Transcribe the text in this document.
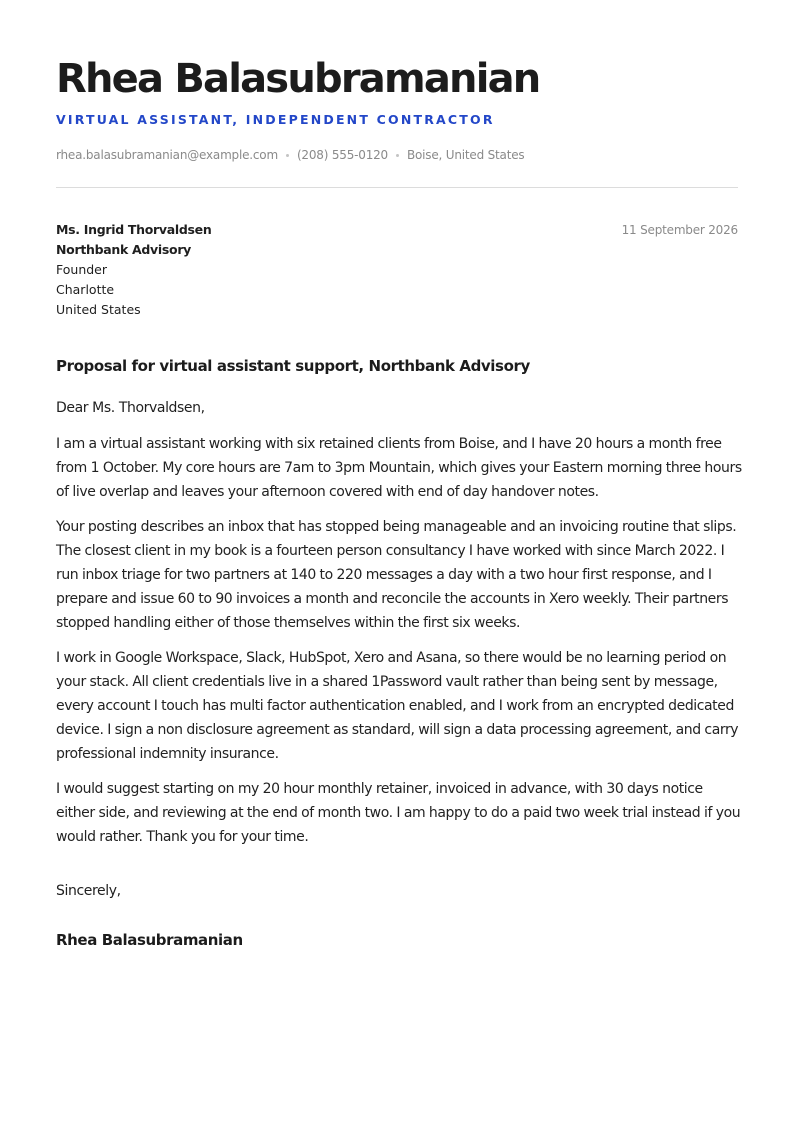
Rhea Balasubramanian
VIRTUAL ASSISTANT, INDEPENDENT CONTRACTOR
rhea.balasubramanian@example.com (208) 555-0120 Boise, United States
Ms. Ingrid Thorvaldsen
Northbank Advisory
Founder
Charlotte
United States
11 September 2026
Proposal for virtual assistant support, Northbank Advisory
Dear Ms. Thorvaldsen,

I am a virtual assistant working with six retained clients from Boise, and I have 20 hours a month free from 1 October. My core hours are 7am to 3pm Mountain, which gives your Eastern morning three hours of live overlap and leaves your afternoon covered with end of day handover notes.

Your posting describes an inbox that has stopped being manageable and an invoicing routine that slips. The closest client in my book is a fourteen person consultancy I have worked with since March 2022. I run inbox triage for two partners at 140 to 220 messages a day with a two hour first response, and I prepare and issue 60 to 90 invoices a month and reconcile the accounts in Xero weekly. Their partners stopped handling either of those themselves within the first six weeks.

I work in Google Workspace, Slack, HubSpot, Xero and Asana, so there would be no learning period on your stack. All client credentials live in a shared 1Password vault rather than being sent by message, every account I touch has multi factor authentication enabled, and I work from an encrypted dedicated device. I sign a non disclosure agreement as standard, will sign a data processing agreement, and carry professional indemnity insurance.

I would suggest starting on my 20 hour monthly retainer, invoiced in advance, with 30 days notice either side, and reviewing at the end of month two. I am happy to do a paid two week trial instead if you would rather. Thank you for your time.

Sincerely,
Rhea Balasubramanian
